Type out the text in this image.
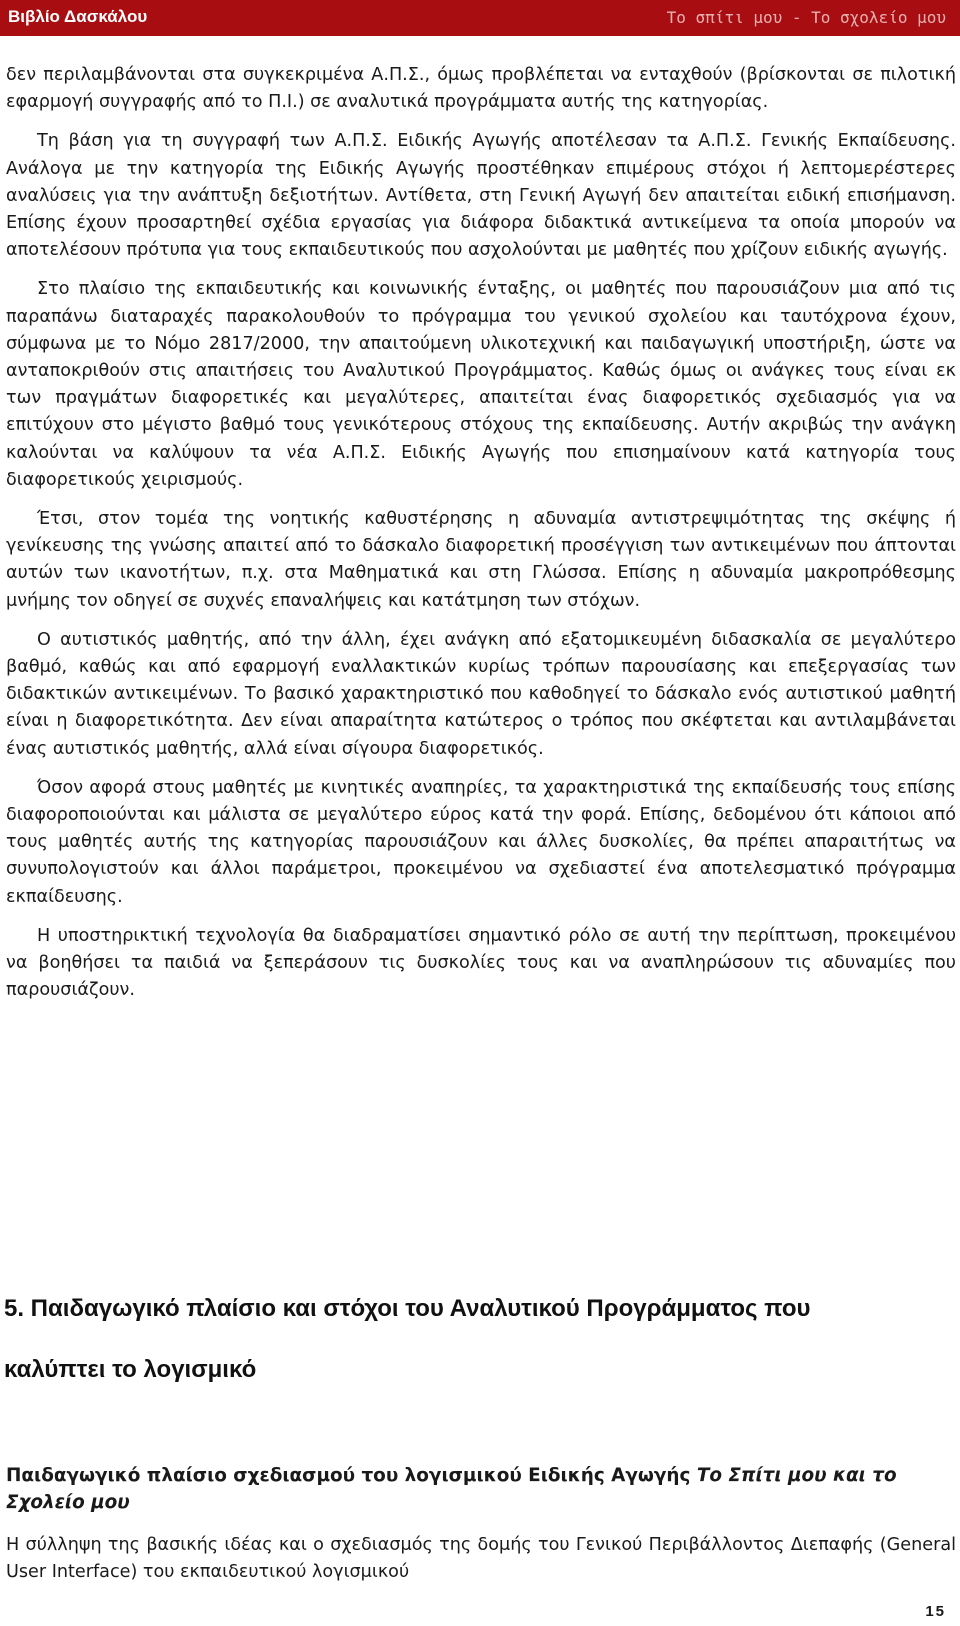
Βιβλίο Δασκάλου	Το σπίτι μου - Το σχολείο μου

δεν περιλαμβάνονται στα συγκεκριμένα Α.Π.Σ., όμως προβλέπεται να ενταχθούν (βρίσκονται σε πιλοτική εφαρμογή συγγραφής από το Π.Ι.) σε αναλυτικά προγράμματα αυτής της κατηγορίας.

Τη βάση για τη συγγραφή των Α.Π.Σ. Ειδικής Αγωγής αποτέλεσαν τα Α.Π.Σ. Γενικής Εκπαίδευσης. Ανάλογα με την κατηγορία της Ειδικής Αγωγής προστέθηκαν επιμέρους στόχοι ή λεπτομερέστερες αναλύσεις για την ανάπτυξη δεξιοτήτων. Αντίθετα, στη Γενική Αγωγή δεν απαιτείται ειδική επισήμανση. Επίσης έχουν προσαρτηθεί σχέδια εργασίας για διάφορα διδακτικά αντικείμενα τα οποία μπορούν να αποτελέσουν πρότυπα για τους εκπαιδευτικούς που ασχολούνται με μαθητές που χρίζουν ειδικής αγωγής.

Στο πλαίσιο της εκπαιδευτικής και κοινωνικής ένταξης, οι μαθητές που παρουσιάζουν μια από τις παραπάνω διαταραχές παρακολουθούν το πρόγραμμα του γενικού σχολείου και ταυτόχρονα έχουν, σύμφωνα με το Νόμο 2817/2000, την απαιτούμενη υλικοτεχνική και παιδαγωγική υποστήριξη, ώστε να ανταποκριθούν στις απαιτήσεις του Αναλυτικού Προγράμματος. Καθώς όμως οι ανάγκες τους είναι εκ των πραγμάτων διαφορετικές και μεγαλύτερες, απαιτείται ένας διαφορετικός σχεδιασμός για να επιτύχουν στο μέγιστο βαθμό τους γενικότερους στόχους της εκπαίδευσης. Αυτήν ακριβώς την ανάγκη καλούνται να καλύψουν τα νέα Α.Π.Σ. Ειδικής Αγωγής που επισημαίνουν κατά κατηγορία τους διαφορετικούς χειρισμούς.

Έτσι, στον τομέα της νοητικής καθυστέρησης η αδυναμία αντιστρεψιμότητας της σκέψης ή γενίκευσης της γνώσης απαιτεί από το δάσκαλο διαφορετική προσέγγιση των αντικειμένων που άπτονται αυτών των ικανοτήτων, π.χ. στα Μαθηματικά και στη Γλώσσα. Επίσης η αδυναμία μακροπρόθεσμης μνήμης τον οδηγεί σε συχνές επαναλήψεις και κατάτμηση των στόχων.

Ο αυτιστικός μαθητής, από την άλλη, έχει ανάγκη από εξατομικευμένη διδασκαλία σε μεγαλύτερο βαθμό, καθώς και από εφαρμογή εναλλακτικών κυρίως τρόπων παρουσίασης και επεξεργασίας των διδακτικών αντικειμένων. Το βασικό χαρακτηριστικό που καθοδηγεί το δάσκαλο ενός αυτιστικού μαθητή είναι η διαφορετικότητα. Δεν είναι απαραίτητα κατώτερος ο τρόπος που σκέφτεται και αντιλαμβάνεται ένας αυτιστικός μαθητής, αλλά είναι σίγουρα διαφορετικός.

Όσον αφορά στους μαθητές με κινητικές αναπηρίες, τα χαρακτηριστικά της εκπαίδευσής τους επίσης διαφοροποιούνται και μάλιστα σε μεγαλύτερο εύρος κατά την φορά. Επίσης, δεδομένου ότι κάποιοι από τους μαθητές αυτής της κατηγορίας παρουσιάζουν και άλλες δυσκολίες, θα πρέπει απαραιτήτως να συνυπολογιστούν και άλλοι παράμετροι, προκειμένου να σχεδιαστεί ένα αποτελεσματικό πρόγραμμα εκπαίδευσης.

Η υποστηρικτική τεχνολογία θα διαδραματίσει σημαντικό ρόλο σε αυτή την περίπτωση, προκειμένου να βοηθήσει τα παιδιά να ξεπεράσουν τις δυσκολίες τους και να αναπληρώσουν τις αδυναμίες που παρουσιάζουν.

5. Παιδαγωγικό πλαίσιο και στόχοι του Αναλυτικού Προγράμματος που
καλύπτει το λογισμικό

Παιδαγωγικό πλαίσιο σχεδιασμού του λογισμικού Ειδικής Αγωγής Το Σπίτι μου και το Σχολείο μου

Η σύλληψη της βασικής ιδέας και ο σχεδιασμός της δομής του Γενικού Περιβάλλοντος Διεπαφής (General User Interface) του εκπαιδευτικού λογισμικού

15
